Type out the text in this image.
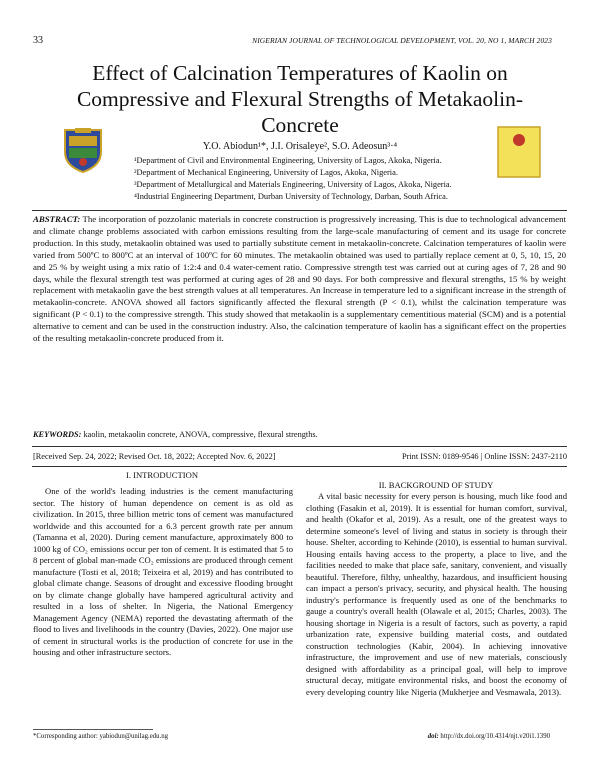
33	NIGERIAN JOURNAL OF TECHNOLOGICAL DEVELOPMENT, VOL. 20, NO 1, MARCH 2023
Effect of Calcination Temperatures of Kaolin on Compressive and Flexural Strengths of Metakaolin-Concrete
Y.O. Abiodun¹*, J.I. Orisaleye², S.O. Adeosun³·⁴
¹Department of Civil and Environmental Engineering, University of Lagos, Akoka, Nigeria.
²Department of Mechanical Engineering, University of Lagos, Akoka, Nigeria.
³Department of Metallurgical and Materials Engineering, University of Lagos, Akoka, Nigeria.
⁴Industrial Engineering Department, Durban University of Technology, Darban, South Africa.
ABSTRACT: The incorporation of pozzolanic materials in concrete construction is progressively increasing. This is due to technological advancement and climate change problems associated with carbon emissions resulting from the large-scale manufacturing of cement and its usage for concrete production. In this study, metakaolin obtained was used to partially substitute cement in metakaolin-concrete. Calcination temperatures of kaolin were varied from 500ºC to 800ºC at an interval of 100ºC for 60 minutes. The metakaolin obtained was used to partially replace cement at 0, 5, 10, 15, 20 and 25 % by weight using a mix ratio of 1:2:4 and 0.4 water-cement ratio. Compressive strength test was carried out at curing ages of 7, 28 and 90 days, while the flexural strength test was performed at curing ages of 28 and 90 days. For both compressive and flexural strengths, 15 % by weight replacement with metakaolin gave the best strength values at all temperatures. An Increase in temperature led to a significant increase in the strength of metakaolin-concrete. ANOVA showed all factors significantly affected the flexural strength (P < 0.1), whilst the calcination temperature was significant (P < 0.1) to the compressive strength. This study showed that metakaolin is a supplementary cementitious material (SCM) and is a potential alternative to cement and can be used in the construction industry. Also, the calcination temperature of kaolin has a significant effect on the properties of the resulting metakaolin-concrete produced from it.
KEYWORDS: kaolin, metakaolin concrete, ANOVA, compressive, flexural strengths.
[Received Sep. 24, 2022; Revised Oct. 18, 2022; Accepted Nov. 6, 2022]	Print ISSN: 0189-9546 | Online ISSN: 2437-2110
I. INTRODUCTION
One of the world's leading industries is the cement manufacturing sector. The history of human dependence on cement is as old as civilization. In 2015, three billion metric tons of cement was manufactured worldwide and this accounted for a 6.3 percent growth rate per annum (Tamanna et al, 2020). During cement manufacture, approximately 800 to 1000 kg of CO₂ emissions occur per ton of cement. It is estimated that 5 to 8 percent of global man-made CO₂ emissions are produced through cement manufacture (Tosti et al, 2018; Teixeira et al, 2019) and has contributed to global climate change. Seasons of drought and excessive flooding brought on by climate change globally have hampered agricultural activity and resulted in a loss of shelter. In Nigeria, the National Emergency Management Agency (NEMA) reported the devastating aftermath of the flood to lives and livelihoods in the country (Davies, 2022). One major use of cement in structural works is the production of concrete for use in the housing and other infrastructure sectors.
II. BACKGROUND OF STUDY
A vital basic necessity for every person is housing, much like food and clothing (Fasakin et al, 2019). It is essential for human comfort, survival, and health (Okafor et al, 2019). As a result, one of the greatest ways to determine someone's level of living and status in society is through their house. Shelter, according to Kehinde (2010), is essential to human survival. Housing entails having access to the property, a place to live, and the facilities needed to make that place safe, sanitary, convenient, and visually beautiful. Therefore, filthy, unhealthy, hazardous, and insufficient housing can impact a person's privacy, security, and physical health. The housing industry's performance is frequently used as one of the benchmarks to gauge a country's overall health (Olawale et al, 2015; Charles, 2003). The housing shortage in Nigeria is a result of factors, such as poverty, a rapid urbanization rate, expensive building material costs, and outdated construction technologies (Kabir, 2004). In achieving innovative infrastructure, the improvement and use of new materials, consciously designed with affordability as a principal goal, will help to improve structural decay, mitigate environmental risks, and boost the economy of every developing country like Nigeria (Mukherjee and Vesmawala, 2013).
*Corresponding author: yabiodun@unilag.edu.ng	doi: http://dx.doi.org/10.4314/njt.v20i1.1390
